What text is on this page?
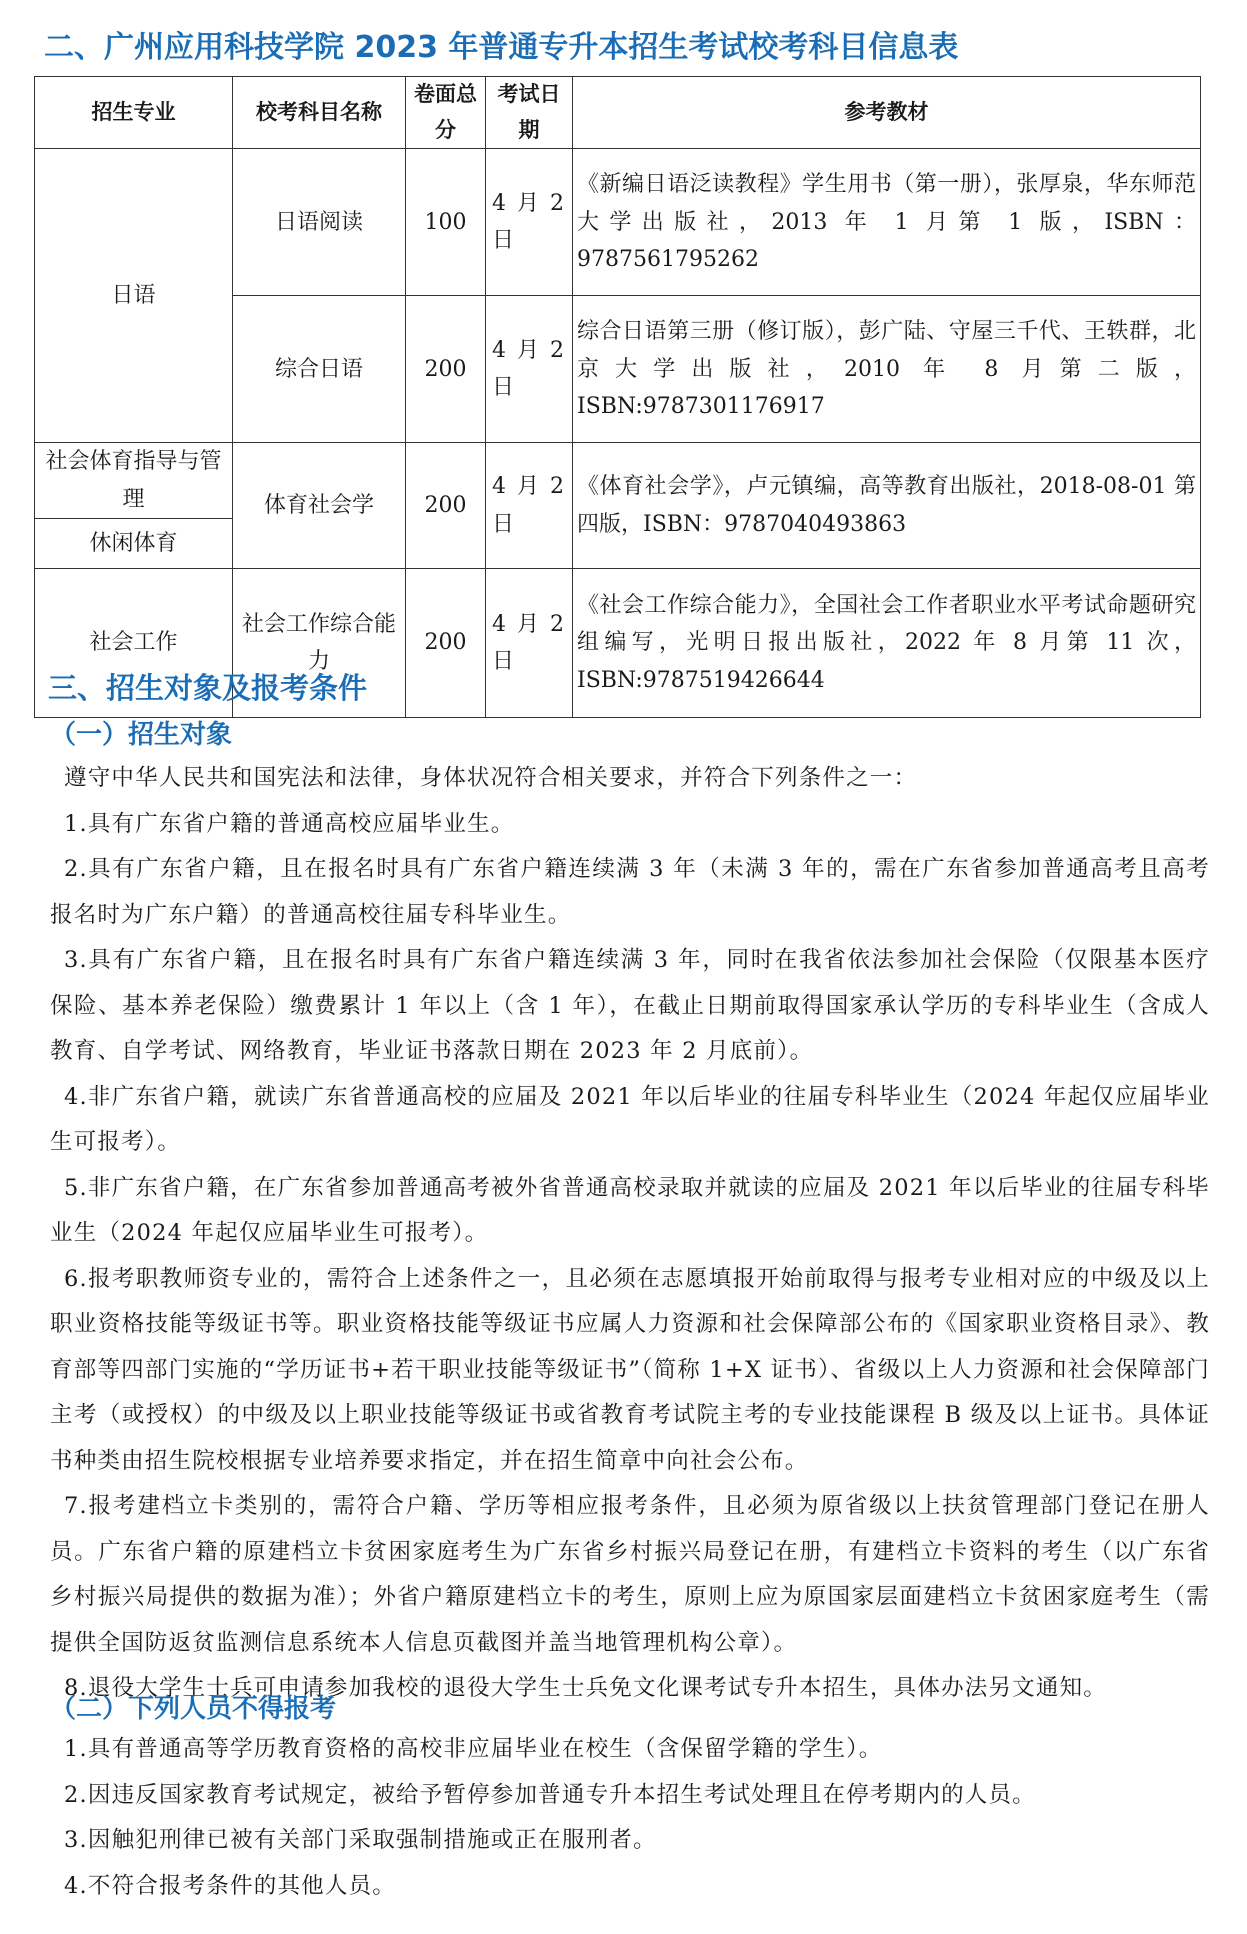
二、广州应用科技学院 2023 年普通专升本招生考试校考科目信息表
招生专业	校考科目名称	卷面总分	考试日期	参考教材
日语	日语阅读	100	4 月 2 日	《新编日语泛读教程》学生用书（第一册），张厚泉，华东师范大学出版社，2013 年 1 月第 1 版，ISBN：9787561795262
	综合日语	200	4 月 2 日	综合日语第三册（修订版），彭广陆、守屋三千代、王轶群，北京大学出版社，2010 年 8 月第二版，ISBN:9787301176917
社会体育指导与管理	体育社会学	200	4 月 2 日	《体育社会学》，卢元镇编，高等教育出版社，2018-08-01 第四版，ISBN：9787040493863
休闲体育				
社会工作	社会工作综合能力	200	4 月 2 日	《社会工作综合能力》，全国社会工作者职业水平考试命题研究组编写，光明日报出版社，2022 年 8 月第 11 次，ISBN:9787519426644
三、招生对象及报考条件
（一）招生对象

遵守中华人民共和国宪法和法律，身体状况符合相关要求，并符合下列条件之一：

1.具有广东省户籍的普通高校应届毕业生。

2.具有广东省户籍，且在报名时具有广东省户籍连续满 3 年（未满 3 年的，需在广东省参加普通高考且高考报名时为广东户籍）的普通高校往届专科毕业生。

3.具有广东省户籍，且在报名时具有广东省户籍连续满 3 年，同时在我省依法参加社会保险（仅限基本医疗保险、基本养老保险）缴费累计 1 年以上（含 1 年），在截止日期前取得国家承认学历的专科毕业生（含成人教育、自学考试、网络教育，毕业证书落款日期在 2023 年 2 月底前）。

4.非广东省户籍，就读广东省普通高校的应届及 2021 年以后毕业的往届专科毕业生（2024 年起仅应届毕业生可报考）。

5.非广东省户籍，在广东省参加普通高考被外省普通高校录取并就读的应届及 2021 年以后毕业的往届专科毕业生（2024 年起仅应届毕业生可报考）。

6.报考职教师资专业的，需符合上述条件之一，且必须在志愿填报开始前取得与报考专业相对应的中级及以上职业资格技能等级证书等。职业资格技能等级证书应属人力资源和社会保障部公布的《国家职业资格目录》、教育部等四部门实施的“学历证书+若干职业技能等级证书”（简称 1+X 证书）、省级以上人力资源和社会保障部门主考（或授权）的中级及以上职业技能等级证书或省教育考试院主考的专业技能课程 B 级及以上证书。具体证书种类由招生院校根据专业培养要求指定，并在招生简章中向社会公布。

7.报考建档立卡类别的，需符合户籍、学历等相应报考条件，且必须为原省级以上扶贫管理部门登记在册人员。广东省户籍的原建档立卡贫困家庭考生为广东省乡村振兴局登记在册，有建档立卡资料的考生（以广东省乡村振兴局提供的数据为准）；外省户籍原建档立卡的考生，原则上应为原国家层面建档立卡贫困家庭考生（需提供全国防返贫监测信息系统本人信息页截图并盖当地管理机构公章）。

8.退役大学生士兵可申请参加我校的退役大学生士兵免文化课考试专升本招生，具体办法另文通知。

（二）下列人员不得报考

1.具有普通高等学历教育资格的高校非应届毕业在校生（含保留学籍的学生）。

2.因违反国家教育考试规定，被给予暂停参加普通专升本招生考试处理且在停考期内的人员。

3.因触犯刑律已被有关部门采取强制措施或正在服刑者。

4.不符合报考条件的其他人员。
